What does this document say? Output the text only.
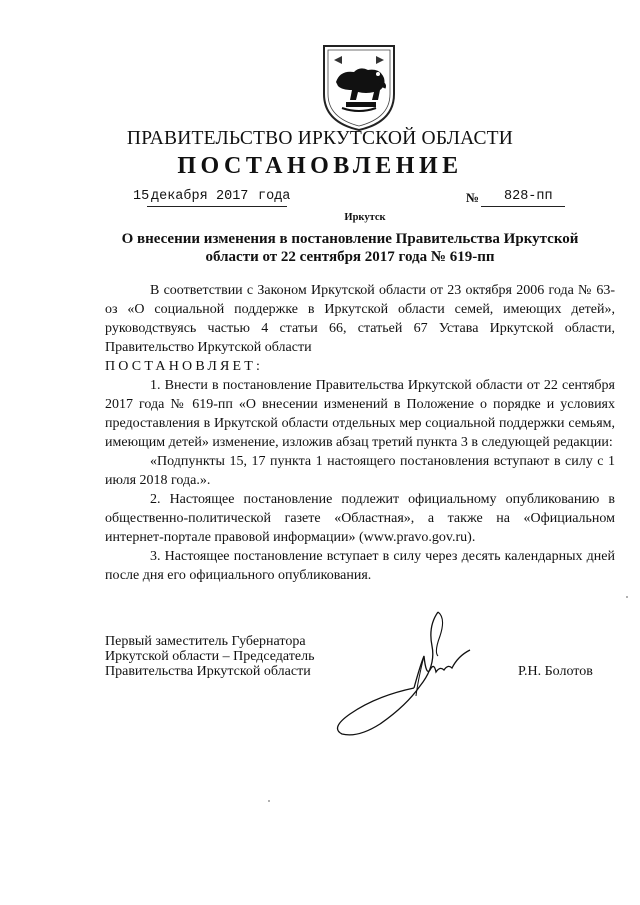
ПРАВИТЕЛЬСТВО ИРКУТСКОЙ ОБЛАСТИ
ПОСТАНОВЛЕНИЕ
15 декабря 2017 года	№ 828-пп
Иркутск
О внесении изменения в постановление Правительства Иркутской области от 22 сентября 2017 года № 619-пп

В соответствии с Законом Иркутской области от 23 октября 2006 года № 63-оз «О социальной поддержке в Иркутской области семей, имеющих детей», руководствуясь частью 4 статьи 66, статьей 67 Устава Иркутской области, Правительство Иркутской области

ПОСТАНОВЛЯЕТ:

1. Внести в постановление Правительства Иркутской области от 22 сентября 2017 года № 619-пп «О внесении изменений в Положение о порядке и условиях предоставления в Иркутской области отдельных мер социальной поддержки семьям, имеющим детей» изменение, изложив абзац третий пункта 3 в следующей редакции:

«Подпункты 15, 17 пункта 1 настоящего постановления вступают в силу с 1 июля 2018 года.».

2. Настоящее постановление подлежит официальному опубликованию в общественно-политической газете «Областная», а также на «Официальном интернет-портале правовой информации» (www.pravo.gov.ru).

3. Настоящее постановление вступает в силу через десять календарных дней после дня его официального опубликования.

Первый заместитель Губернатора
Иркутской области – Председатель
Правительства Иркутской области	Р.Н. Болотов
